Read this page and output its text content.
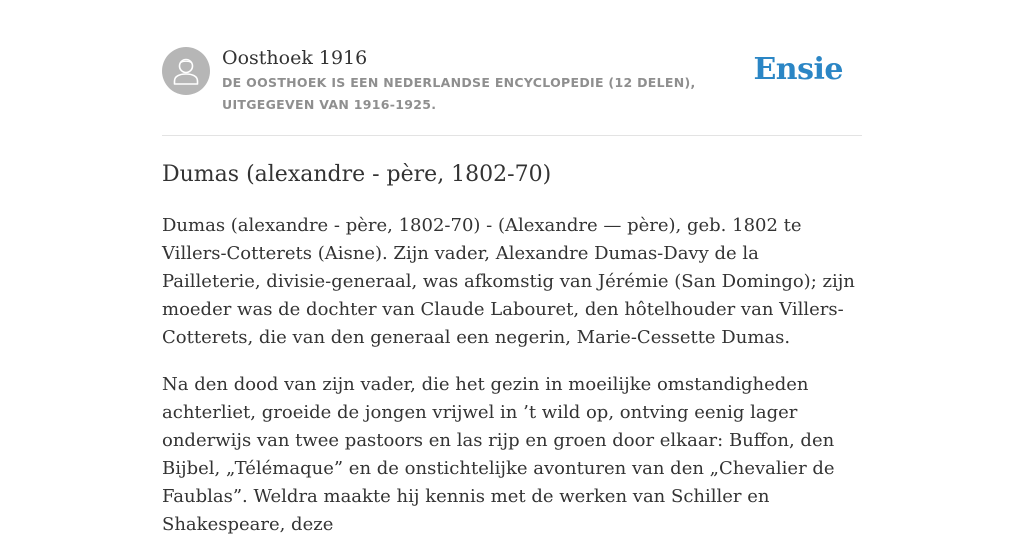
Oosthoek 1916
DE OOSTHOEK IS EEN NEDERLANDSE ENCYCLOPEDIE (12 DELEN), UITGEGEVEN VAN 1916-1925.
Ensie
Dumas (alexandre - père, 1802-70)

Dumas (alexandre - père, 1802-70) - (Alexandre — père), geb. 1802 te Villers-Cotterets (Aisne). Zijn vader, Alexandre Dumas-Davy de la Pailleterie, divisie-generaal, was afkomstig van Jérémie (San Domingo); zijn moeder was de dochter van Claude Labouret, den hôtelhouder van Villers-Cotterets, die van den generaal een negerin, Marie-Cessette Dumas.

Na den dood van zijn vader, die het gezin in moeilijke omstandigheden achterliet, groeide de jongen vrijwel in ’t wild op, ontving eenig lager onderwijs van twee pastoors en las rijp en groen door elkaar: Buffon, den Bijbel, „Télémaque” en de onstichtelijke avonturen van den „Chevalier de Faublas”. Weldra maakte hij kennis met de werken van Schiller en Shakespeare, deze
